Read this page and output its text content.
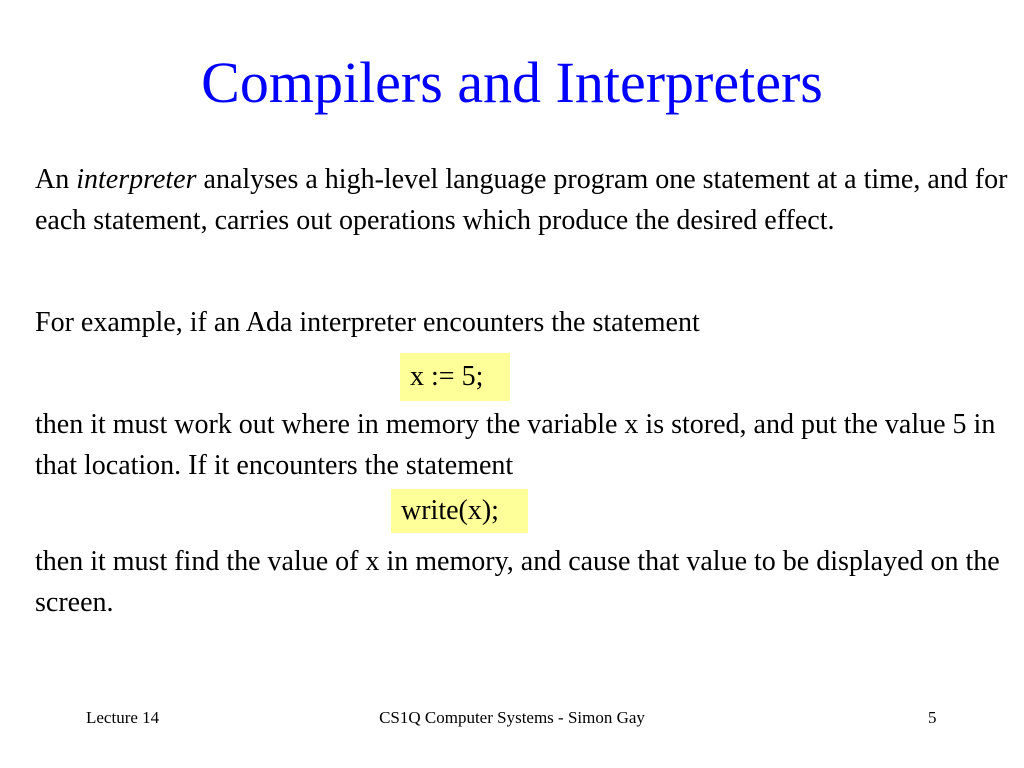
Compilers and Interpreters

An interpreter analyses a high-level language program one statement at a time, and for each statement, carries out operations which produce the desired effect.

For example, if an Ada interpreter encounters the statement

x := 5;

then it must work out where in memory the variable x is stored, and put the value 5 in that location. If it encounters the statement

write(x);

then it must find the value of x in memory, and cause that value to be displayed on the screen.

CS1Q Computer Systems - Simon Gay
Lecture 14	5
